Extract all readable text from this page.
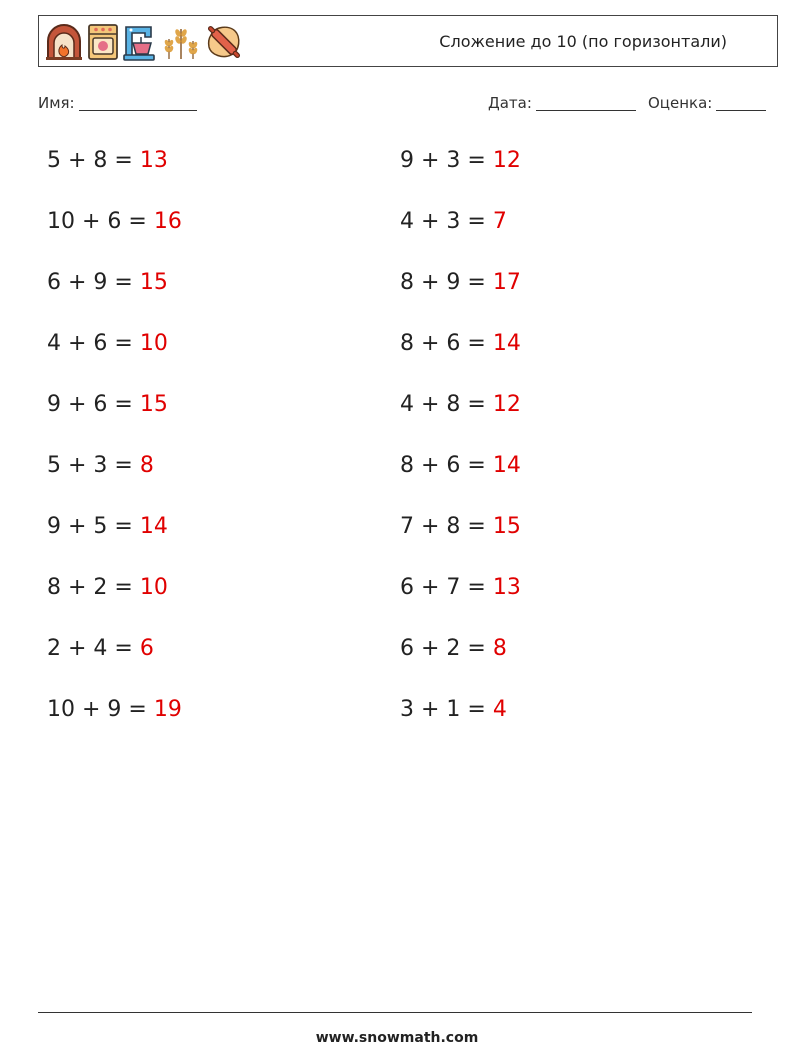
Сложение до 10 (по горизонтали)
Имя:	Дата:	Оценка:
5 + 8 = 13	9 + 3 = 12
10 + 6 = 16	4 + 3 = 7
6 + 9 = 15	8 + 9 = 17
4 + 6 = 10	8 + 6 = 14
9 + 6 = 15	4 + 8 = 12
5 + 3 = 8	8 + 6 = 14
9 + 5 = 14	7 + 8 = 15
8 + 2 = 10	6 + 7 = 13
2 + 4 = 6	6 + 2 = 8
10 + 9 = 19	3 + 1 = 4
www.snowmath.com
